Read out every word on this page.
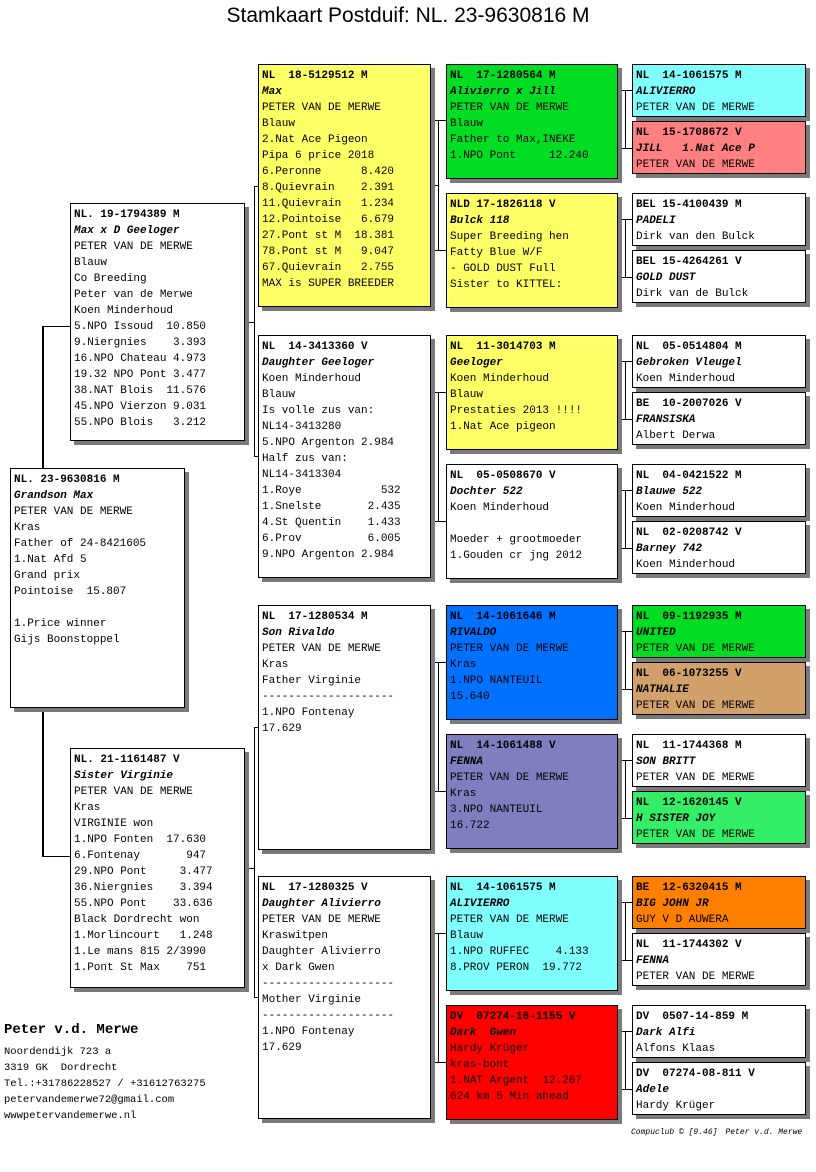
Stamkaart Postduif: NL. 23-9630816 M
NL. 23-9630816 M
Grandson Max
PETER VAN DE MERWE
Kras
Father of 24-8421605
1.Nat Afd 5
Grand prix
Pointoise  15.807
1.Price winner
Gijs Boonstoppel
NL. 19-1794389 M
Max x D Geeloger
PETER VAN DE MERWE
Blauw
Co Breeding
Peter van de Merwe
Koen Minderhoud
5.NPO Issoud  10.850
9.Niergnies    3.393
16.NPO Chateau 4.973
19.32 NPO Pont 3.477
38.NAT Blois  11.576
45.NPO Vierzon 9.031
55.NPO Blois   3.212
NL. 21-1161487 V
Sister Virginie
PETER VAN DE MERWE
Kras
VIRGINIE won
1.NPO Fonten  17.630
6.Fontenay       947
29.NPO Pont     3.477
36.Niergnies    3.394
55.NPO Pont    33.636
Black Dordrecht won
1.Morlincourt   1.248
1.Le mans 815 2/3990
1.Pont St Max    751
NL  18-5129512 M
Max
PETER VAN DE MERWE
Blauw
2.Nat Ace Pigeon
Pipa 6 price 2018
6.Peronne      8.420
8.Quievrain    2.391
11.Quievrain   1.234
12.Pointoise   6.679
27.Pont st M  18.381
78.Pont st M   9.047
67.Quievrain   2.755
MAX is SUPER BREEDER
NL  14-3413360 V
Daughter Geeloger
Koen Minderhoud
Blauw
Is volle zus van:
NL14-3413280
5.NPO Argenton 2.984
Half zus van:
NL14-3413304
1.Roye            532
1.Snelste       2.435
4.St Quentin    1.433
6.Prov          6.005
9.NPO Argenton 2.984
NL  17-1280534 M
Son Rivaldo
PETER VAN DE MERWE
Kras
Father Virginie
--------------------
1.NPO Fontenay
17.629
NL  17-1280325 V
Daughter Alivierro
PETER VAN DE MERWE
Kraswitpen
Daughter Alivierro
x Dark Gwen
--------------------
Mother Virginie
--------------------
1.NPO Fontenay
17.629
NL  17-1280564 M
Alivierro x Jill
PETER VAN DE MERWE
Blauw
Father to Max,INEKE
1.NPO Pont     12.240
NLD 17-1826118 V
Bulck 118
Super Breeding hen
Fatty Blue W/F
- GOLD DUST Full
Sister to KITTEL:
NL  11-3014703 M
Geeloger
Koen Minderhoud
Blauw
Prestaties 2013 !!!!
1.Nat Ace pigeon
NL  05-0508670 V
Dochter 522
Koen Minderhoud
Moeder + grootmoeder
1.Gouden cr jng 2012
NL  14-1061646 M
RIVALDO
PETER VAN DE MERWE
Kras
1.NPO NANTEUIL
15.640
NL  14-1061488 V
FENNA
PETER VAN DE MERWE
Kras
3.NPO NANTEUIL
16.722
NL  14-1061575 M
ALIVIERRO
PETER VAN DE MERWE
Blauw
1.NPO RUFFEC    4.133
8.PROV PERON  19.772
DV  07274-16-1155 V
Dark  Gwen
Hardy Krüger
kras-bont
1.NAT Argent  12.267
624 km 5 Min ahead
NL  14-1061575 M
ALIVIERRO
PETER VAN DE MERWE
NL  15-1708672 V
JILL   1.Nat Ace P
PETER VAN DE MERWE
BEL 15-4100439 M
PADELI
Dirk van den Bulck
BEL 15-4264261 V
GOLD DUST
Dirk van de Bulck
NL  05-0514804 M
Gebroken Vleugel
Koen Minderhoud
BE  10-2007026 V
FRANSISKA
Albert Derwa
NL  04-0421522 M
Blauwe 522
Koen Minderhoud
NL  02-0208742 V
Barney 742
Koen Minderhoud
NL  09-1192935 M
UNITED
PETER VAN DE MERWE
NL  06-1073255 V
NATHALIE
PETER VAN DE MERWE
NL  11-1744368 M
SON BRITT
PETER VAN DE MERWE
NL  12-1620145 V
H SISTER JOY
PETER VAN DE MERWE
BE  12-6320415 M
BIG JOHN JR
GUY V D AUWERA
NL  11-1744302 V
FENNA
PETER VAN DE MERWE
DV  0507-14-859 M
Dark Alfi
Alfons Klaas
DV  07274-08-811 V
Adele
Hardy Krüger
Peter v.d. Merwe
Noordendijk 723 a
3319 GK  Dordrecht
Tel.:+31786228527 / +31612763275
petervandemerwe72@gmail.com
wwwpetervandemerwe.nl
Compuclub © [9.46] Peter v.d. Merwe
